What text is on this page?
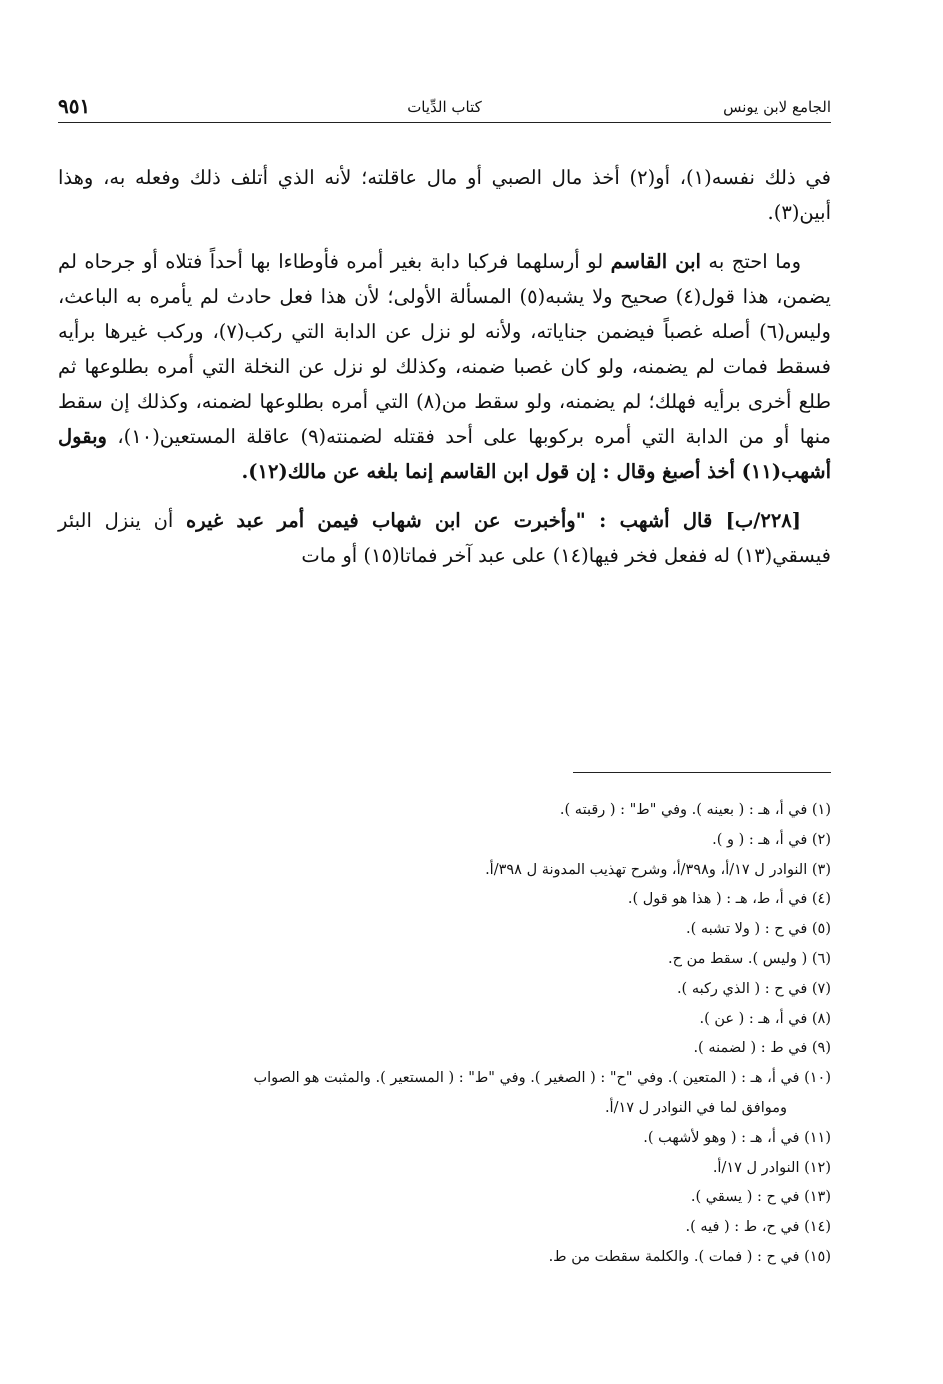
الجامع لابن يونس
كتاب الدِّيات
٩٥١

في ذلك نفسه(١)، أو(٢) أخذ مال الصبي أو مال عاقلته؛ لأنه الذي أتلف ذلك وفعله به، وهذا أبين(٣).

وما احتج به ابن القاسم لو أرسلهما فركبا دابة بغير أمره فأوطاءا بها أحداً فتلاه أو جرحاه لم يضمن، هذا قول(٤) صحيح ولا يشبه(٥) المسألة الأولى؛ لأن هذا فعل حادث لم يأمره به الباعث، وليس(٦) أصله غصباً فيضمن جناياته، ولأنه لو نزل عن الدابة التي ركب(٧)، وركب غيرها برأيه فسقط فمات لم يضمنه، ولو كان غصبا ضمنه، وكذلك لو نزل عن النخلة التي أمره بطلوعها ثم طلع أخرى برأيه فهلك؛ لم يضمنه، ولو سقط من(٨) التي أمره بطلوعها لضمنه، وكذلك إن سقط منها أو من الدابة التي أمره بركوبها على أحد فقتله لضمنته(٩) عاقلة المستعين(١٠)، وبقول أشهب(١١) أخذ أصبغ وقال : إن قول ابن القاسم إنما بلغه عن مالك(١٢).

[٢٢٨/ب] قال أشهب : "وأخبرت عن ابن شهاب فيمن أمر عبد غيره أن ينزل البئر فيسقي(١٣) له ففعل فخر فيها(١٤) على عبد آخر فماتا(١٥) أو مات

(١) في أ، هـ : ( بعينه ). وفي "ط" : ( رقبته ).
(٢) في أ، هـ : ( و ).
(٣) النوادر ل ١٧/أ، و٣٩٨/أ، وشرح تهذيب المدونة ل ٣٩٨/أ.
(٤) في أ، ط، هـ : ( هذا هو قول ).
(٥) في ح : ( ولا تشبه ).
(٦) ( وليس ). سقط من ح.
(٧) في ح : ( الذي ركبه ).
(٨) في أ، هـ : ( عن ).
(٩) في ط : ( لضمنه ).
(١٠) في أ، هـ : ( المتعين ). وفي "ح" : ( الصغير ). وفي "ط" : ( المستعير ). والمثبت هو الصواب
وموافق لما في النوادر ل ١٧/أ.
(١١) في أ، هـ : ( وهو لأشهب ).
(١٢) النوادر ل ١٧/أ.
(١٣) في ح : ( يسقي ).
(١٤) في ح، ط : ( فيه ).
(١٥) في ح : ( فمات ). والكلمة سقطت من ط.
